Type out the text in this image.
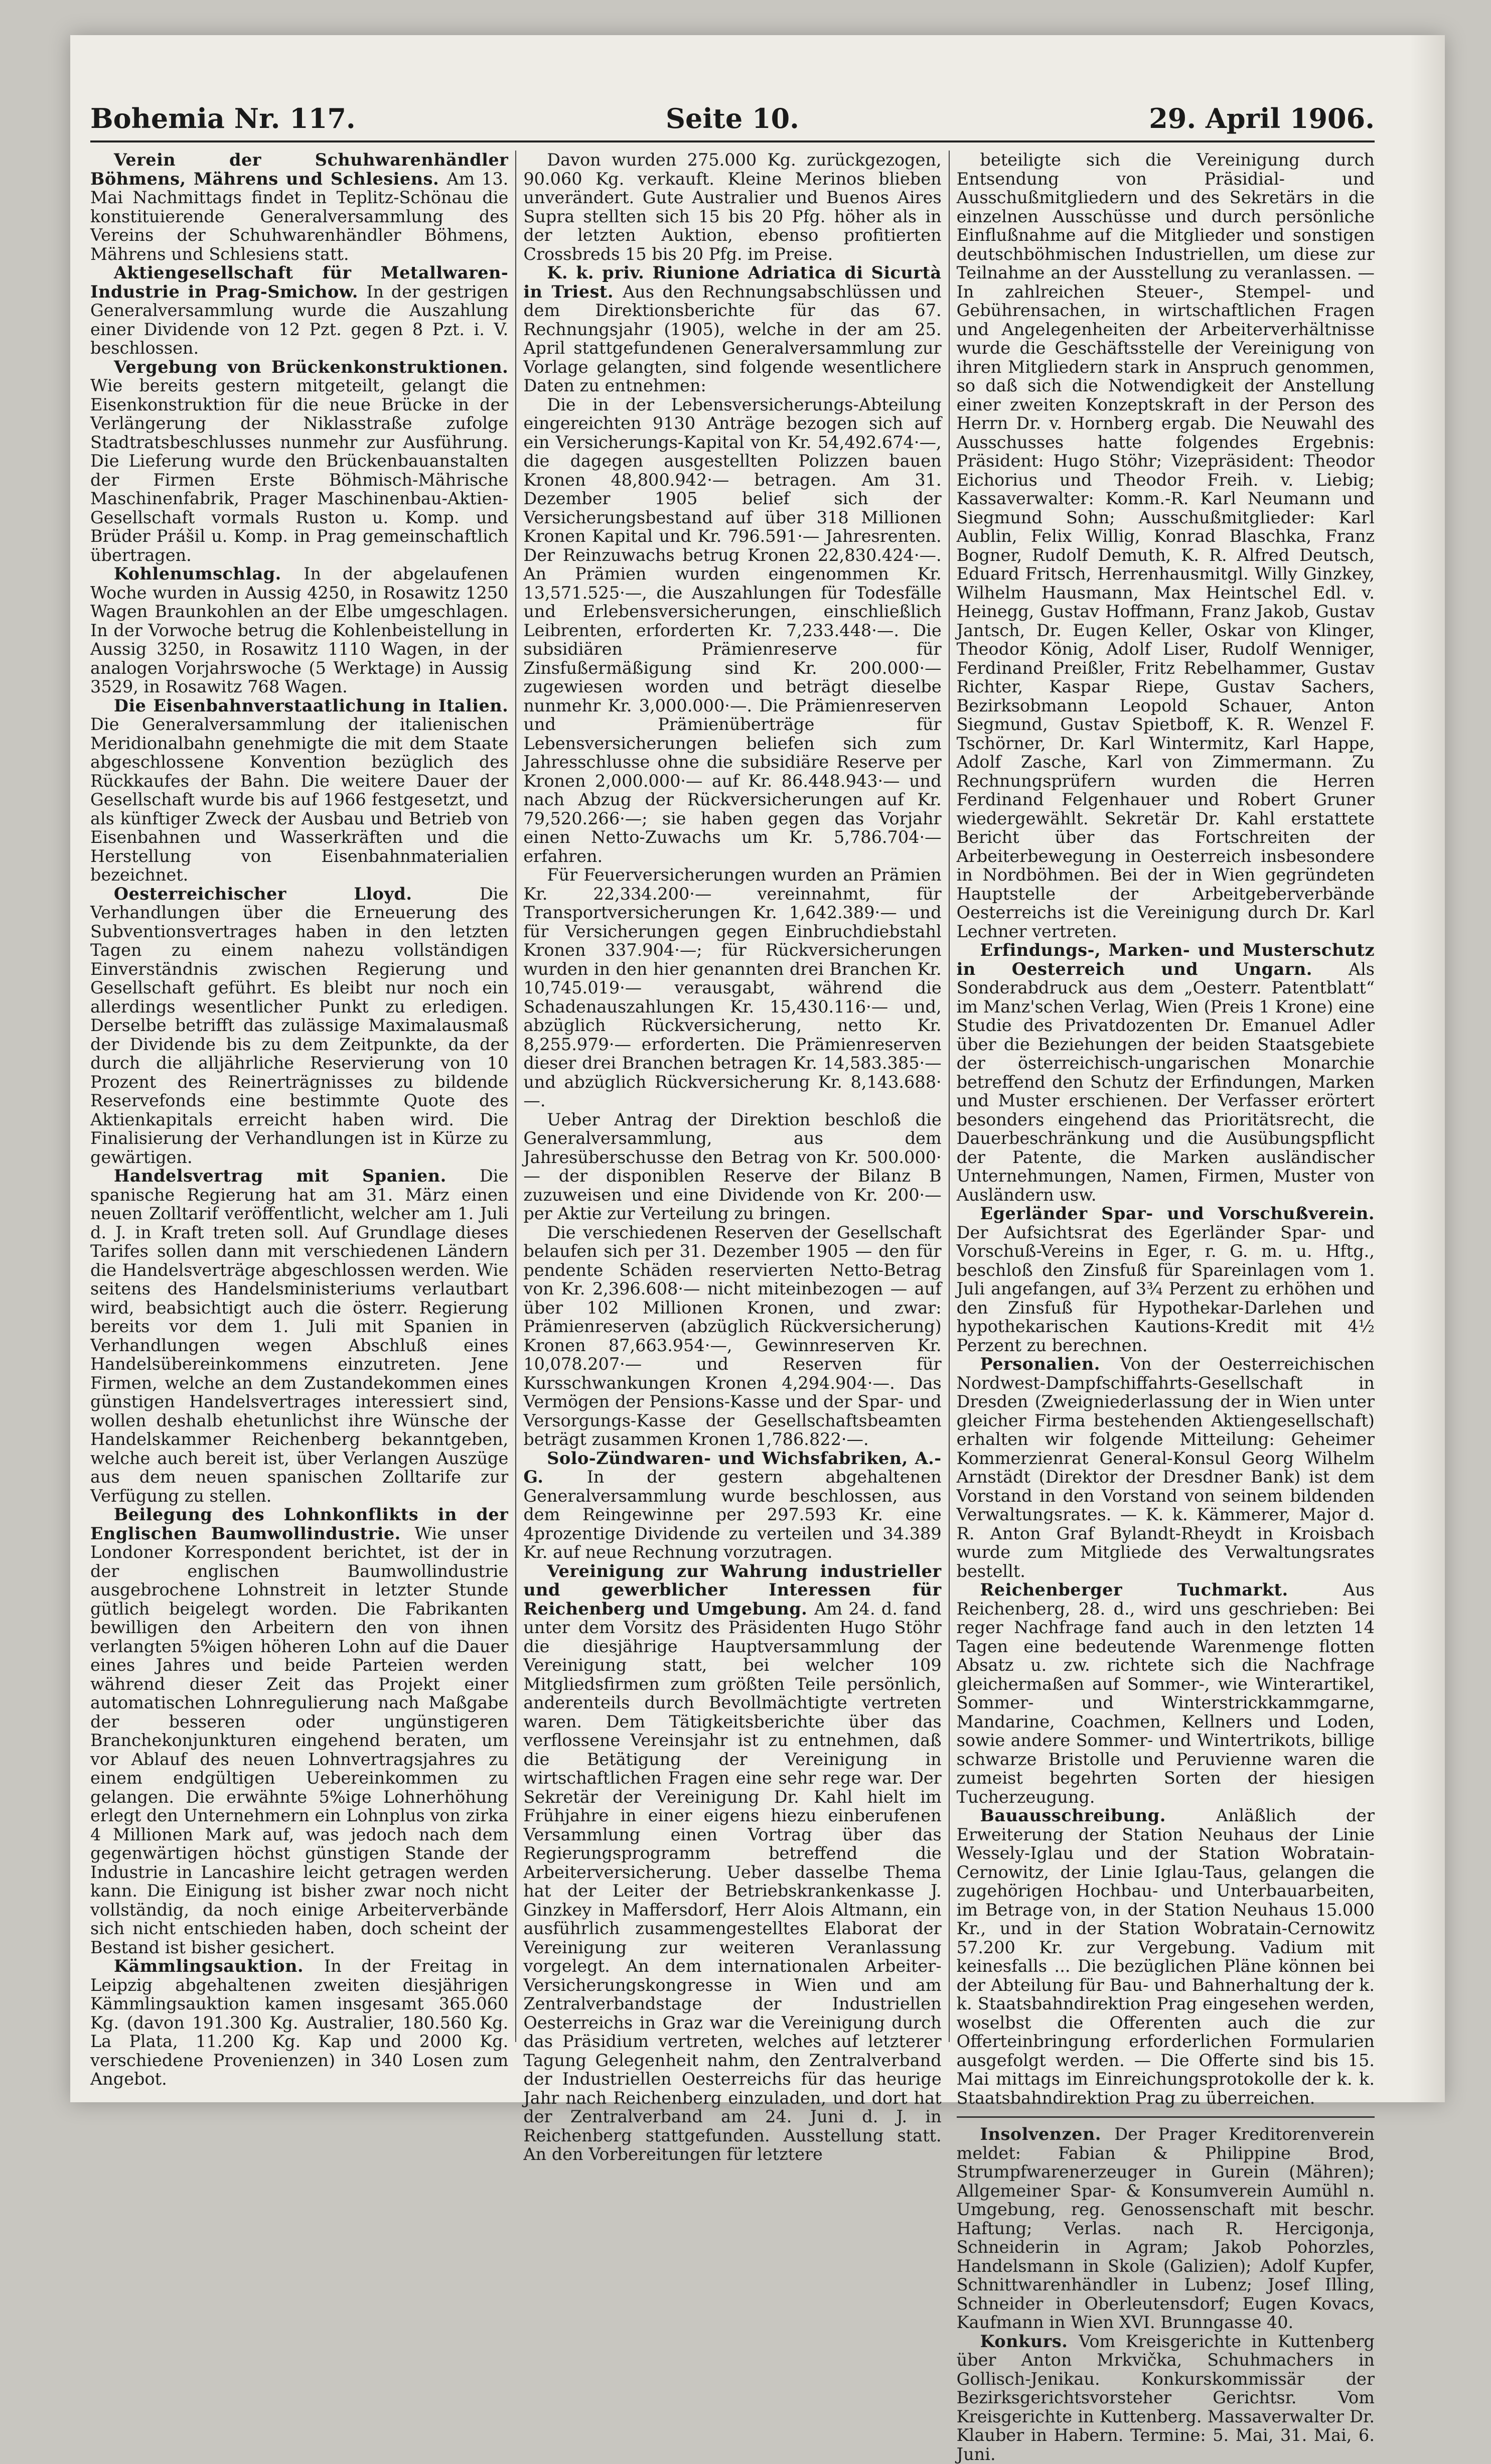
Bohemia Nr. 117.	Seite 10.	29. April 1906.

Verein der Schuhwarenhändler Böhmens, Mährens und Schlesiens. Am 13. Mai Nachmittags findet in Teplitz-Schönau die konstituierende Generalversammlung des Vereins der Schuhwarenhändler Böhmens, Mährens und Schlesiens statt.

Aktiengesellschaft für Metallwaren-Industrie in Prag-Smichow. In der gestrigen Generalversammlung wurde die Auszahlung einer Dividende von 12 Pzt. gegen 8 Pzt. i. V. beschlossen.

Vergebung von Brückenkonstruktionen. Wie bereits gestern mitgeteilt, gelangt die Eisenkonstruktion für die neue Brücke in der Verlängerung der Niklasstraße zufolge Stadtratsbeschlusses nunmehr zur Ausführung. Die Lieferung wurde den Brückenbauanstalten der Firmen Erste Böhmisch-Mährische Maschinenfabrik, Prager Maschinenbau-Aktien-Gesellschaft vormals Ruston u. Komp. und Brüder Prášil u. Komp. in Prag gemeinschaftlich übertragen.

Kohlenumschlag. In der abgelaufenen Woche wurden in Aussig 4250, in Rosawitz 1250 Wagen Braunkohlen an der Elbe umgeschlagen. In der Vorwoche betrug die Kohlenbeistellung in Aussig 3250, in Rosawitz 1110 Wagen, in der analogen Vorjahrswoche (5 Werktage) in Aussig 3529, in Rosawitz 768 Wagen.

Die Eisenbahnverstaatlichung in Italien. Die Generalversammlung der italienischen Meridionalbahn genehmigte die mit dem Staate abgeschlossene Konvention bezüglich des Rückkaufes der Bahn. Die weitere Dauer der Gesellschaft wurde bis auf 1966 festgesetzt, und als künftiger Zweck der Ausbau und Betrieb von Eisenbahnen und Wasserkräften und die Herstellung von Eisenbahnmaterialien bezeichnet.

Oesterreichischer Lloyd. Die Verhandlungen über die Erneuerung des Subventionsvertrages haben in den letzten Tagen zu einem nahezu vollständigen Einverständnis zwischen Regierung und Gesellschaft geführt. Es bleibt nur noch ein allerdings wesentlicher Punkt zu erledigen. Derselbe betrifft das zulässige Maximalausmaß der Dividende bis zu dem Zeitpunkte, da der durch die alljährliche Reservierung von 10 Prozent des Reinerträgnisses zu bildende Reservefonds eine bestimmte Quote des Aktienkapitals erreicht haben wird. Die Finalisierung der Verhandlungen ist in Kürze zu gewärtigen.

Handelsvertrag mit Spanien. Die spanische Regierung hat am 31. März einen neuen Zolltarif veröffentlicht, welcher am 1. Juli d. J. in Kraft treten soll. Auf Grundlage dieses Tarifes sollen dann mit verschiedenen Ländern die Handelsverträge abgeschlossen werden. Wie seitens des Handelsministeriums verlautbart wird, beabsichtigt auch die österr. Regierung bereits vor dem 1. Juli mit Spanien in Verhandlungen wegen Abschluß eines Handelsübereinkommens einzutreten. Jene Firmen, welche an dem Zustandekommen eines günstigen Handelsvertrages interessiert sind, wollen deshalb ehetunlichst ihre Wünsche der Handelskammer Reichenberg bekanntgeben, welche auch bereit ist, über Verlangen Auszüge aus dem neuen spanischen Zolltarife zur Verfügung zu stellen.

Beilegung des Lohnkonflikts in der Englischen Baumwollindustrie. Wie unser Londoner Korrespondent berichtet, ist der in der englischen Baumwollindustrie ausgebrochene Lohnstreit in letzter Stunde gütlich beigelegt worden. Die Fabrikanten bewilligen den Arbeitern den von ihnen verlangten 5%igen höheren Lohn auf die Dauer eines Jahres und beide Parteien werden während dieser Zeit das Projekt einer automatischen Lohnregulierung nach Maßgabe der besseren oder ungünstigeren Branchekonjunkturen eingehend beraten, um vor Ablauf des neuen Lohnvertragsjahres zu einem endgültigen Uebereinkommen zu gelangen. Die erwähnte 5%ige Lohnerhöhung erlegt den Unternehmern ein Lohnplus von zirka 4 Millionen Mark auf, was jedoch nach dem gegenwärtigen höchst günstigen Stande der Industrie in Lancashire leicht getragen werden kann. Die Einigung ist bisher zwar noch nicht vollständig, da noch einige Arbeiterverbände sich nicht entschieden haben, doch scheint der Bestand ist bisher gesichert.

Kämmlingsauktion. In der Freitag in Leipzig abgehaltenen zweiten diesjährigen Kämmlingsauktion kamen insgesamt 365.060 Kg. (davon 191.300 Kg. Australier, 180.560 Kg. La Plata, 11.200 Kg. Kap und 2000 Kg. verschiedene Provenienzen) in 340 Losen zum Angebot.

Davon wurden 275.000 Kg. zurückgezogen, 90.060 Kg. verkauft. Kleine Merinos blieben unverändert. Gute Australier und Buenos Aires Supra stellten sich 15 bis 20 Pfg. höher als in der letzten Auktion, ebenso profitierten Crossbreds 15 bis 20 Pfg. im Preise.

K. k. priv. Riunione Adriatica di Sicurtà in Triest. Aus den Rechnungsabschlüssen und dem Direktionsberichte für das 67. Rechnungsjahr (1905), welche in der am 25. April stattgefundenen Generalversammlung zur Vorlage gelangten, sind folgende wesentlichere Daten zu entnehmen:

Die in der Lebensversicherungs-Abteilung eingereichten 9130 Anträge bezogen sich auf ein Versicherungs-Kapital von Kr. 54,492.674·—, die dagegen ausgestellten Polizzen bauen Kronen 48,800.942·— betragen. Am 31. Dezember 1905 belief sich der Versicherungsbestand auf über 318 Millionen Kronen Kapital und Kr. 796.591·— Jahresrenten. Der Reinzuwachs betrug Kronen 22,830.424·—. An Prämien wurden eingenommen Kr. 13,571.525·—, die Auszahlungen für Todesfälle und Erlebensversicherungen, einschließlich Leibrenten, erforderten Kr. 7,233.448·—. Die subsidiären Prämienreserve für Zinsfußermäßigung sind Kr. 200.000·— zugewiesen worden und beträgt dieselbe nunmehr Kr. 3,000.000·—. Die Prämienreserven und Prämienüberträge für Lebensversicherungen beliefen sich zum Jahresschlusse ohne die subsidiäre Reserve per Kronen 2,000.000·— auf Kr. 86.448.943·— und nach Abzug der Rückversicherungen auf Kr. 79,520.266·—; sie haben gegen das Vorjahr einen Netto-Zuwachs um Kr. 5,786.704·— erfahren.

Für Feuerversicherungen wurden an Prämien Kr. 22,334.200·— vereinnahmt, für Transportversicherungen Kr. 1,642.389·— und für Versicherungen gegen Einbruchdiebstahl Kronen 337.904·—; für Rückversicherungen wurden in den hier genannten drei Branchen Kr. 10,745.019·— verausgabt, während die Schadenauszahlungen Kr. 15,430.116·— und, abzüglich Rückversicherung, netto Kr. 8,255.979·— erforderten. Die Prämienreserven dieser drei Branchen betragen Kr. 14,583.385·— und abzüglich Rückversicherung Kr. 8,143.688·—.

Ueber Antrag der Direktion beschloß die Generalversammlung, aus dem Jahresüberschusse den Betrag von Kr. 500.000·— der disponiblen Reserve der Bilanz B zuzuweisen und eine Dividende von Kr. 200·— per Aktie zur Verteilung zu bringen.

Die verschiedenen Reserven der Gesellschaft belaufen sich per 31. Dezember 1905 — den für pendente Schäden reservierten Netto-Betrag von Kr. 2,396.608·— nicht miteinbezogen — auf über 102 Millionen Kronen, und zwar: Prämienreserven (abzüglich Rückversicherung) Kronen 87,663.954·—, Gewinnreserven Kr. 10,078.207·— und Reserven für Kursschwankungen Kronen 4,294.904·—. Das Vermögen der Pensions-Kasse und der Spar- und Versorgungs-Kasse der Gesellschaftsbeamten beträgt zusammen Kronen 1,786.822·—.

Solo-Zündwaren- und Wichsfabriken, A.-G. In der gestern abgehaltenen Generalversammlung wurde beschlossen, aus dem Reingewinne per 297.593 Kr. eine 4prozentige Dividende zu verteilen und 34.389 Kr. auf neue Rechnung vorzutragen.

Vereinigung zur Wahrung industrieller und gewerblicher Interessen für Reichenberg und Umgebung. Am 24. d. fand unter dem Vorsitz des Präsidenten Hugo Stöhr die diesjährige Hauptversammlung der Vereinigung statt, bei welcher 109 Mitgliedsfirmen zum größten Teile persönlich, anderenteils durch Bevollmächtigte vertreten waren. Dem Tätigkeitsberichte über das verflossene Vereinsjahr ist zu entnehmen, daß die Betätigung der Vereinigung in wirtschaftlichen Fragen eine sehr rege war. Der Sekretär der Vereinigung Dr. Kahl hielt im Frühjahre in einer eigens hiezu einberufenen Versammlung einen Vortrag über das Regierungsprogramm betreffend die Arbeiterversicherung. Ueber dasselbe Thema hat der Leiter der Betriebskrankenkasse J. Ginzkey in Maffersdorf, Herr Alois Altmann, ein ausführlich zusammengestelltes Elaborat der Vereinigung zur weiteren Veranlassung vorgelegt. An dem internationalen Arbeiter-Versicherungskongresse in Wien und am Zentralverbandstage der Industriellen Oesterreichs in Graz war die Vereinigung durch das Präsidium vertreten, welches auf letzterer Tagung Gelegenheit nahm, den Zentralverband der Industriellen Oesterreichs für das heurige Jahr nach Reichenberg einzuladen, und dort hat der Zentralverband am 24. Juni d. J. in Reichenberg stattgefunden. Ausstellung statt. An den Vorbereitungen für letztere

beteiligte sich die Vereinigung durch Entsendung von Präsidial- und Ausschußmitgliedern und des Sekretärs in die einzelnen Ausschüsse und durch persönliche Einflußnahme auf die Mitglieder und sonstigen deutschböhmischen Industriellen, um diese zur Teilnahme an der Ausstellung zu veranlassen. — In zahlreichen Steuer-, Stempel- und Gebührensachen, in wirtschaftlichen Fragen und Angelegenheiten der Arbeiterverhältnisse wurde die Geschäftsstelle der Vereinigung von ihren Mitgliedern stark in Anspruch genommen, so daß sich die Notwendigkeit der Anstellung einer zweiten Konzeptskraft in der Person des Herrn Dr. v. Hornberg ergab. Die Neuwahl des Ausschusses hatte folgendes Ergebnis: Präsident: Hugo Stöhr; Vizepräsident: Theodor Eichorius und Theodor Freih. v. Liebig; Kassaverwalter: Komm.-R. Karl Neumann und Siegmund Sohn; Ausschußmitglieder: Karl Aublin, Felix Willig, Konrad Blaschka, Franz Bogner, Rudolf Demuth, K. R. Alfred Deutsch, Eduard Fritsch, Herrenhausmitgl. Willy Ginzkey, Wilhelm Hausmann, Max Heintschel Edl. v. Heinegg, Gustav Hoffmann, Franz Jakob, Gustav Jantsch, Dr. Eugen Keller, Oskar von Klinger, Theodor König, Adolf Liser, Rudolf Wenniger, Ferdinand Preißler, Fritz Rebelhammer, Gustav Richter, Kaspar Riepe, Gustav Sachers, Bezirksobmann Leopold Schauer, Anton Siegmund, Gustav Spietboff, K. R. Wenzel F. Tschörner, Dr. Karl Wintermitz, Karl Happe, Adolf Zasche, Karl von Zimmermann. Zu Rechnungsprüfern wurden die Herren Ferdinand Felgenhauer und Robert Gruner wiedergewählt. Sekretär Dr. Kahl erstattete Bericht über das Fortschreiten der Arbeiterbewegung in Oesterreich insbesondere in Nordböhmen. Bei der in Wien gegründeten Hauptstelle der Arbeitgeberverbände Oesterreichs ist die Vereinigung durch Dr. Karl Lechner vertreten.

Erfindungs-, Marken- und Musterschutz in Oesterreich und Ungarn. Als Sonderabdruck aus dem „Oesterr. Patentblatt“ im Manz'schen Verlag, Wien (Preis 1 Krone) eine Studie des Privatdozenten Dr. Emanuel Adler über die Beziehungen der beiden Staatsgebiete der österreichisch-ungarischen Monarchie betreffend den Schutz der Erfindungen, Marken und Muster erschienen. Der Verfasser erörtert besonders eingehend das Prioritätsrecht, die Dauerbeschränkung und die Ausübungspflicht der Patente, die Marken ausländischer Unternehmungen, Namen, Firmen, Muster von Ausländern usw.

Egerländer Spar- und Vorschußverein. Der Aufsichtsrat des Egerländer Spar- und Vorschuß-Vereins in Eger, r. G. m. u. Hftg., beschloß den Zinsfuß für Spareinlagen vom 1. Juli angefangen, auf 3¾ Perzent zu erhöhen und den Zinsfuß für Hypothekar-Darlehen und hypothekarischen Kautions-Kredit mit 4½ Perzent zu berechnen.

Personalien. Von der Oesterreichischen Nordwest-Dampfschiffahrts-Gesellschaft in Dresden (Zweigniederlassung der in Wien unter gleicher Firma bestehenden Aktiengesellschaft) erhalten wir folgende Mitteilung: Geheimer Kommerzienrat General-Konsul Georg Wilhelm Arnstädt (Direktor der Dresdner Bank) ist dem Vorstand in den Vorstand von seinem bildenden Verwaltungsrates. — K. k. Kämmerer, Major d. R. Anton Graf Bylandt-Rheydt in Kroisbach wurde zum Mitgliede des Verwaltungsrates bestellt.

Reichenberger Tuchmarkt. Aus Reichenberg, 28. d., wird uns geschrieben: Bei reger Nachfrage fand auch in den letzten 14 Tagen eine bedeutende Warenmenge flotten Absatz u. zw. richtete sich die Nachfrage gleichermaßen auf Sommer-, wie Winterartikel, Sommer- und Winterstrickkammgarne, Mandarine, Coachmen, Kellners und Loden, sowie andere Sommer- und Wintertrikots, billige schwarze Bristolle und Peruvienne waren die zumeist begehrten Sorten der hiesigen Tucherzeugung.

Bauausschreibung. Anläßlich der Erweiterung der Station Neuhaus der Linie Wessely-Iglau und der Station Wobratain-Cernowitz, der Linie Iglau-Taus, gelangen die zugehörigen Hochbau- und Unterbauarbeiten, im Betrage von, in der Station Neuhaus 15.000 Kr., und in der Station Wobratain-Cernowitz 57.200 Kr. zur Vergebung. Vadium mit keinesfalls ... Die bezüglichen Pläne können bei der Abteilung für Bau- und Bahnerhaltung der k. k. Staatsbahndirektion Prag eingesehen werden, woselbst die Offerenten auch die zur Offerteinbringung erforderlichen Formularien ausgefolgt werden. — Die Offerte sind bis 15. Mai mittags im Einreichungsprotokolle der k. k. Staatsbahndirektion Prag zu überreichen.

Insolvenzen. Der Prager Kreditorenverein meldet: Fabian & Philippine Brod, Strumpfwarenerzeuger in Gurein (Mähren); Allgemeiner Spar- & Konsumverein Aumühl n. Umgebung, reg. Genossenschaft mit beschr. Haftung; Verlas. nach R. Hercigonja, Schneiderin in Agram; Jakob Pohorzles, Handelsmann in Skole (Galizien); Adolf Kupfer, Schnittwarenhändler in Lubenz; Josef Illing, Schneider in Oberleutensdorf; Eugen Kovacs, Kaufmann in Wien XVI. Brunngasse 40.

Konkurs. Vom Kreisgerichte in Kuttenberg über Anton Mrkvička, Schuhmachers in Gollisch-Jenikau. Konkurskommissär der Bezirksgerichtsvorsteher Gerichtsr. Vom Kreisgerichte in Kuttenberg. Massaverwalter Dr. Klauber in Habern. Termine: 5. Mai, 31. Mai, 6. Juni.
